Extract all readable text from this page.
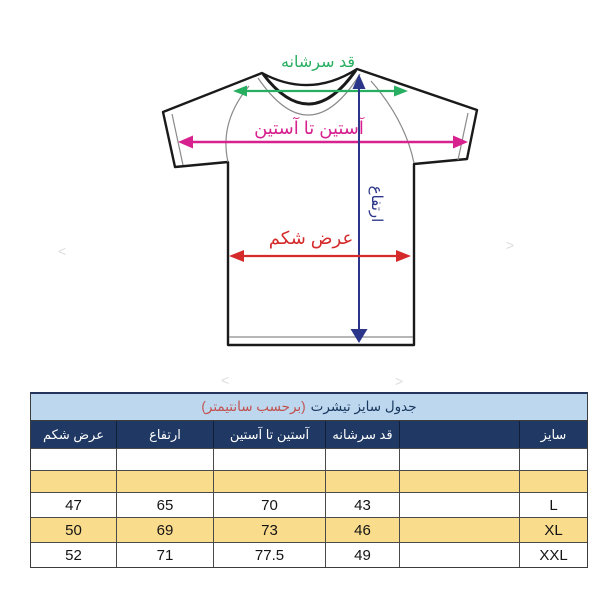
<	>
<	>
قد سرشانه
آستین تا آستین
ارتفاع
عرض شکم
جدول سایز تیشرت
(برحسب سانتیمتر)
عرض شکم	ارتفاع	آستین تا آستین	قد سرشانه	سایز
47	65	70	43	L
50	69	73	46	XL
52	71	77.5	49	XXL
